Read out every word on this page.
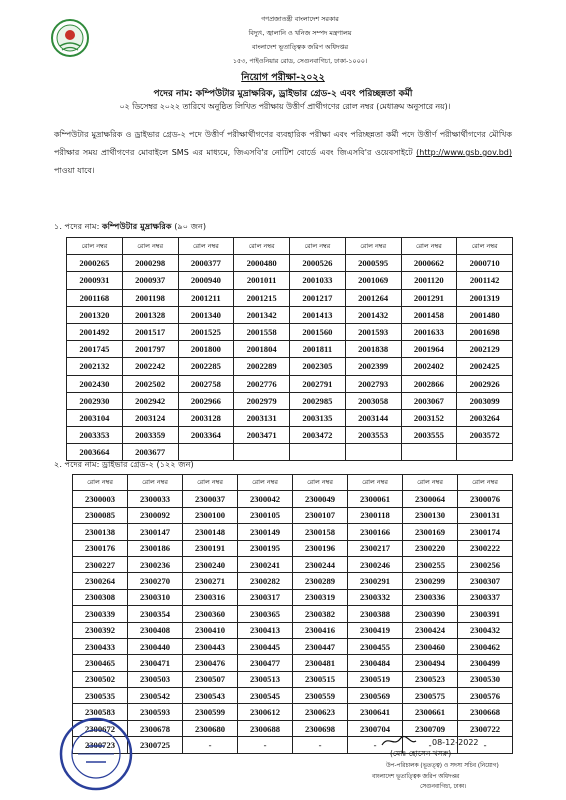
গণপ্রজাতন্ত্রী বাংলাদেশ সরকার
বিদ্যুৎ, জ্বালানি ও খনিজ সম্পদ মন্ত্রণালয়
বাংলাদেশ ভূতাত্ত্বিক জরিপ অধিদপ্তর
১৫৩, পাইওনিয়ার রোড, সেগুনবাগিচা, ঢাকা-১০০০।
নিয়োগ পরীক্ষা-২০২২
পদের নাম: কম্পিউটার মুদ্রাক্ষরিক, ড্রাইভার গ্রেড-২ এবং পরিচ্ছন্নতা কর্মী
০২ ডিসেম্বর ২০২২ তারিখে অনুষ্ঠিত লিখিত পরীক্ষায় উত্তীর্ণ প্রার্থীগণের রোল নম্বর (মেধাক্রম অনুসারে নয়)।
কম্পিউটার মুদ্রাক্ষরিক ও ড্রাইভার গ্রেড-২ পদে উত্তীর্ণ পরীক্ষার্থীগণের ব্যবহারিক পরীক্ষা এবং পরিচ্ছন্নতা কর্মী পদে উত্তীর্ণ পরীক্ষার্থীগণের মৌখিক পরীক্ষার সময় প্রার্থীগণের মোবাইলে SMS এর মাধ্যমে, জিএসবি'র নোটিশ বোর্ডে এবং জিএসবি'র ওয়েবসাইটে (http://www.gsb.gov.bd) পাওয়া যাবে।
১. পদের নাম: কম্পিউটার মুদ্রাক্ষরিক (৯০ জন)
রোল নম্বর	রোল নম্বর	রোল নম্বর	রোল নম্বর	রোল নম্বর	রোল নম্বর	রোল নম্বর	রোল নম্বর
2000265	2000298	2000377	2000480	2000526	2000595	2000662	2000710
2000931	2000937	2000940	2001011	2001033	2001069	2001120	2001142
2001168	2001198	2001211	2001215	2001217	2001264	2001291	2001319
2001320	2001328	2001340	2001342	2001413	2001432	2001458	2001480
2001492	2001517	2001525	2001558	2001560	2001593	2001633	2001698
2001745	2001797	2001800	2001804	2001811	2001838	2001964	2002129
2002132	2002242	2002285	2002289	2002305	2002399	2002402	2002425
2002430	2002502	2002758	2002776	2002791	2002793	2002866	2002926
2002930	2002942	2002966	2002979	2002985	2003058	2003067	2003099
2003104	2003124	2003128	2003131	2003135	2003144	2003152	2003264
2003353	2003359	2003364	2003471	2003472	2003553	2003555	2003572
2003664	2003677						
২. পদের নাম: ড্রাইভার গ্রেড-২ (১২২ জন)
রোল নম্বর	রোল নম্বর	রোল নম্বর	রোল নম্বর	রোল নম্বর	রোল নম্বর	রোল নম্বর	রোল নম্বর
2300003	2300033	2300037	2300042	2300049	2300061	2300064	2300076
2300085	2300092	2300100	2300105	2300107	2300118	2300130	2300131
2300138	2300147	2300148	2300149	2300158	2300166	2300169	2300174
2300176	2300186	2300191	2300195	2300196	2300217	2300220	2300222
2300227	2300236	2300240	2300241	2300244	2300246	2300255	2300256
2300264	2300270	2300271	2300282	2300289	2300291	2300299	2300307
2300308	2300310	2300316	2300317	2300319	2300332	2300336	2300337
2300339	2300354	2300360	2300365	2300382	2300388	2300390	2300391
2300392	2300408	2300410	2300413	2300416	2300419	2300424	2300432
2300433	2300440	2300443	2300445	2300447	2300455	2300460	2300462
2300465	2300471	2300476	2300477	2300481	2300484	2300494	2300499
2300502	2300503	2300507	2300513	2300515	2300519	2300523	2300530
2300535	2300542	2300543	2300545	2300559	2300569	2300575	2300576
2300583	2300593	2300599	2300612	2300623	2300641	2300661	2300668
2300672	2300678	2300680	2300688	2300698	2300704	2300709	2300722
2300723	2300725	-	-	-	-	-	-
08-12-2022
(মোঃ হোসেন খসরু)
উপ-পরিচালক (ভূতত্ত্ব) ও সদস্য সচিব (নিয়োগ)
বাংলাদেশ ভূতাত্ত্বিক জরিপ অধিদপ্তর
সেগুনবাগিচা, ঢাকা।
